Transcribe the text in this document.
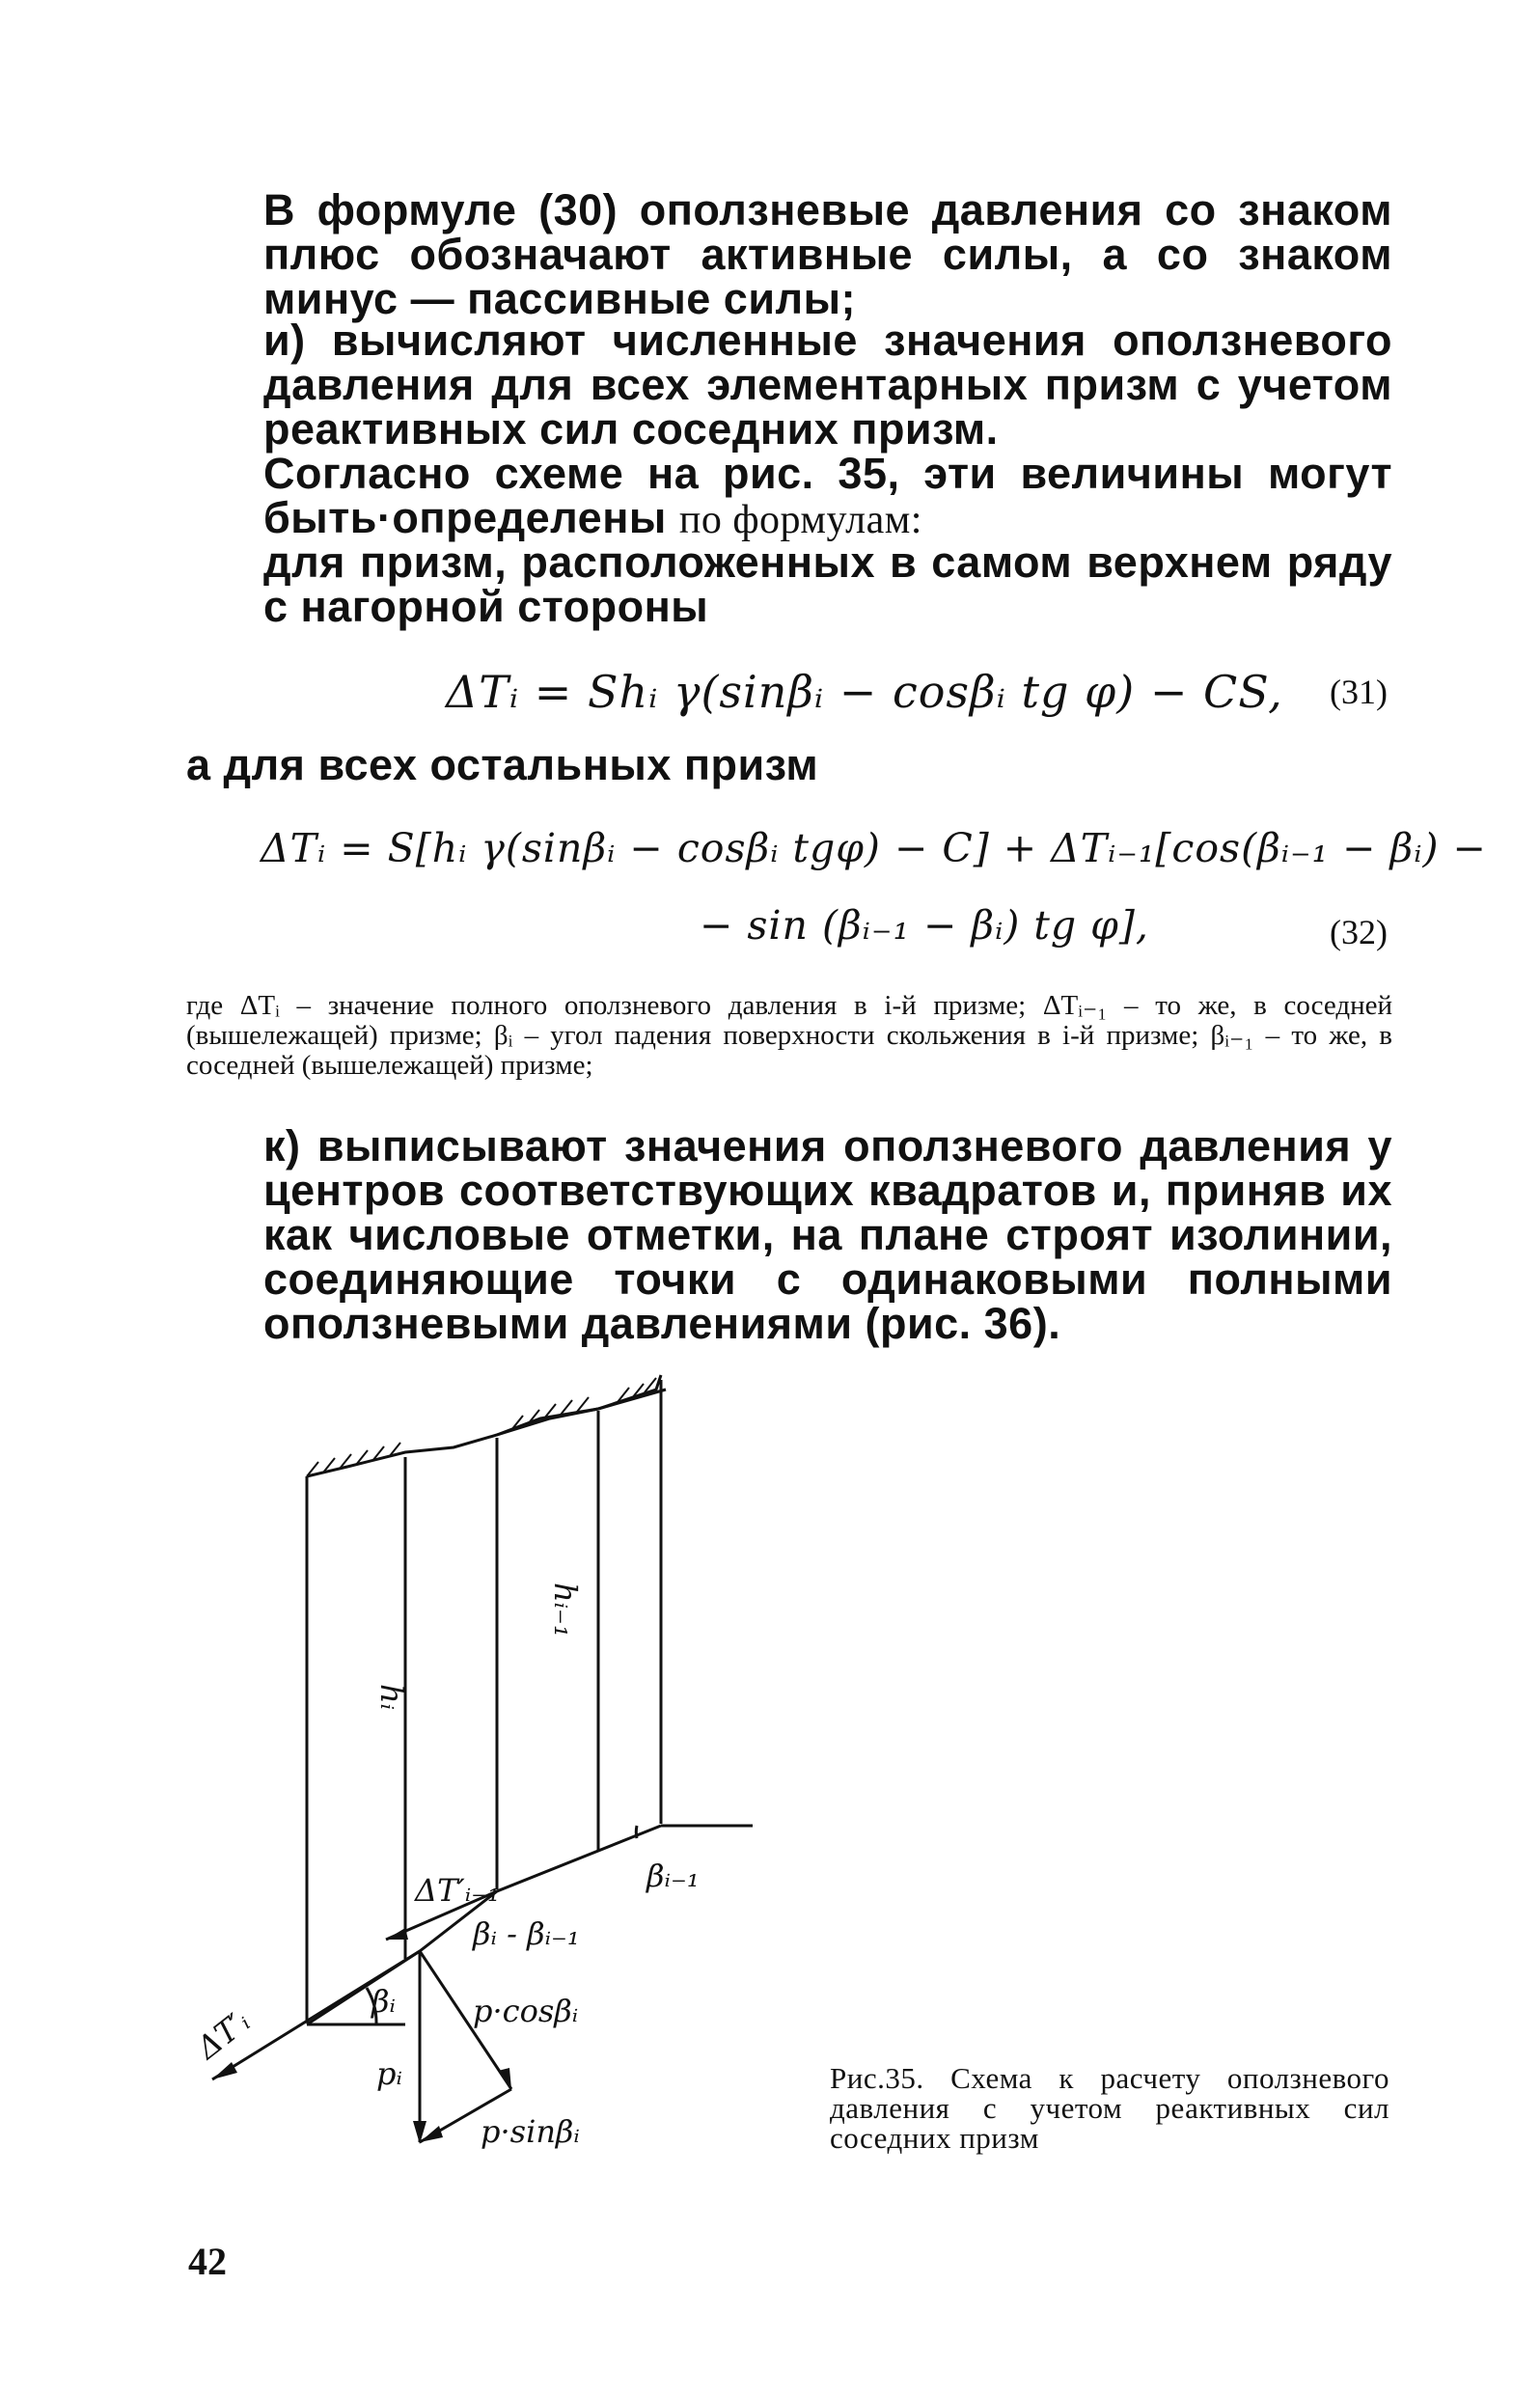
В формуле (30) оползневые давления со знаком плюс обозначают активные силы, а со знаком минус — пассивные силы;
и) вычисляют численные значения оползневого давления для всех элементарных призм с учетом реактивных сил соседних призм.
Согласно схеме на рис. 35, эти величины могут быть·определены по формулам:
для призм, расположенных в самом верхнем ряду с нагорной стороны
ΔTᵢ = Shᵢ γ(sinβᵢ − cosβᵢ tg φ) − CS, (31)
а для всех остальных призм
ΔTᵢ = S[hᵢ γ(sinβᵢ − cosβᵢ tgφ) − C] + ΔTᵢ₋₁[cos(βᵢ₋₁ − βᵢ) −
− sin (βᵢ₋₁ − βᵢ) tg φ],	(32)
где ΔTᵢ – значение полного оползневого давления в i-й призме; ΔTᵢ₋₁ – то же, в соседней (вышележащей) призме; βᵢ – угол падения поверхности скольжения в i-й призме; βᵢ₋₁ – то же, в соседней (вышележащей) призме;
к) выписывают значения оползневого давления у центров соответствующих квадратов и, приняв их как числовые отметки, на плане строят изолинии, соединяющие точки с одинаковыми полными оползневыми давлениями (рис. 36).
hᵢ
hᵢ₋₁
ΔT′ᵢ₋₁	βᵢ₋₁
βᵢ - βᵢ₋₁
βᵢ	p·cosβᵢ
pᵢ
p·sinβᵢ
ΔT′ᵢ
Рис.35. Схема к расчету оползневого давления с учетом реактивных сил соседних призм
42
